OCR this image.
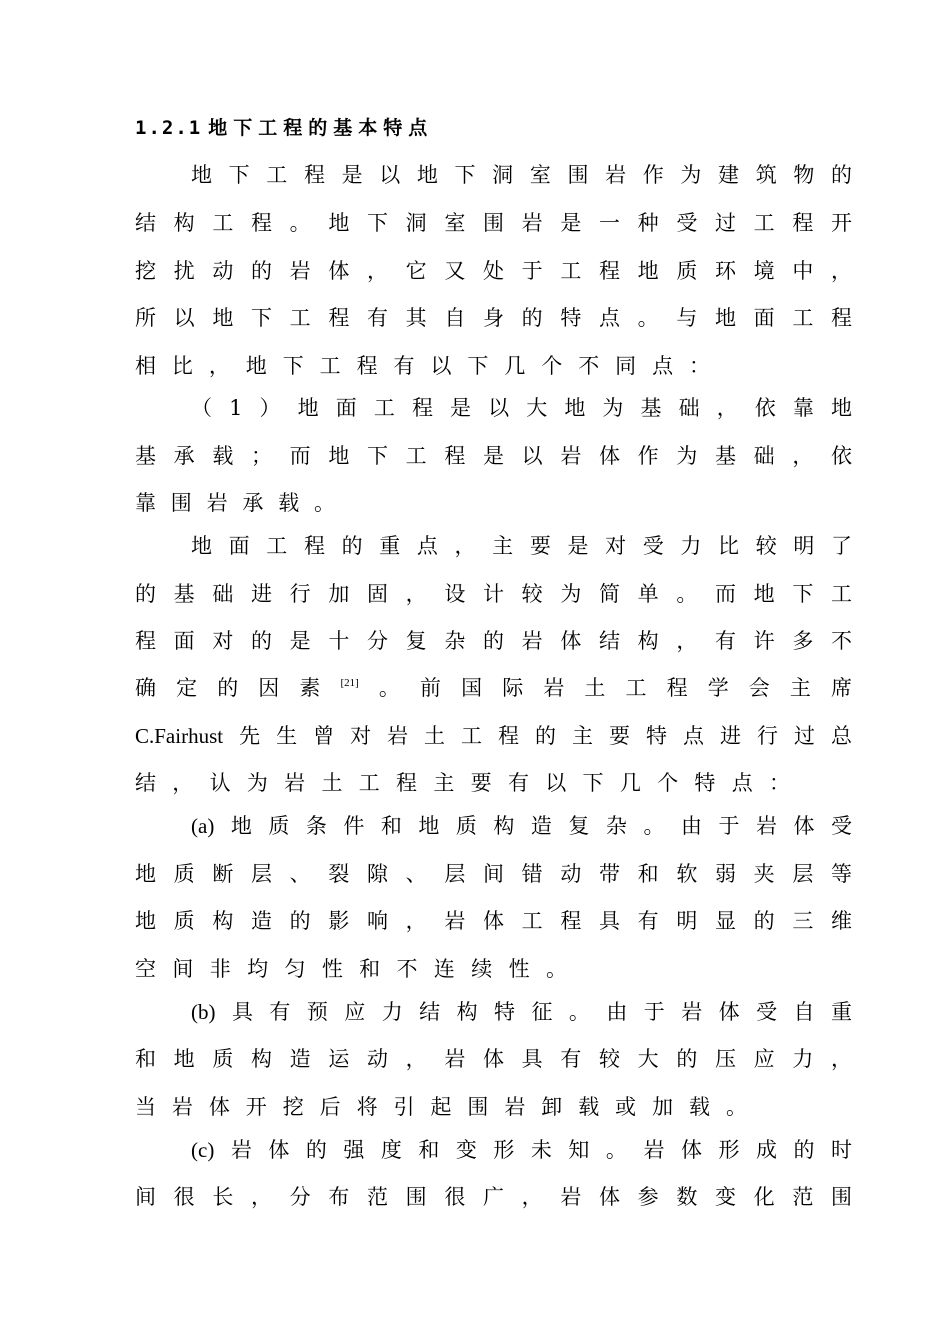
1.2.1 地下工程的基本特点
地下工程是以地下洞室围岩作为建筑物的
结构工程。地下洞室围岩是一种受过工程开
挖扰动的岩体，它又处于工程地质环境中，
所以地下工程有其自身的特点。与地面工程
相比，地下工程有以下几个不同点：
（1）地面工程是以大地为基础，依靠地
基承载；而地下工程是以岩体作为基础，依
靠围岩承载。
地面工程的重点，主要是对受力比较明了
的基础进行加固，设计较为简单。而地下工
程面对的是十分复杂的岩体结构，有许多不
确定的因素[21]。前国际岩土工程学会主席
C.Fairhust先生曾对岩土工程的主要特点进行过总
结，认为岩土工程主要有以下几个特点：
(a)地质条件和地质构造复杂。由于岩体受
地质断层、裂隙、层间错动带和软弱夹层等
地质构造的影响，岩体工程具有明显的三维
空间非均匀性和不连续性。
(b)具有预应力结构特征。由于岩体受自重
和地质构造运动，岩体具有较大的压应力，
当岩体开挖后将引起围岩卸载或加载。
(c)岩体的强度和变形未知。岩体形成的时
间很长，分布范围很广，岩体参数变化范围
